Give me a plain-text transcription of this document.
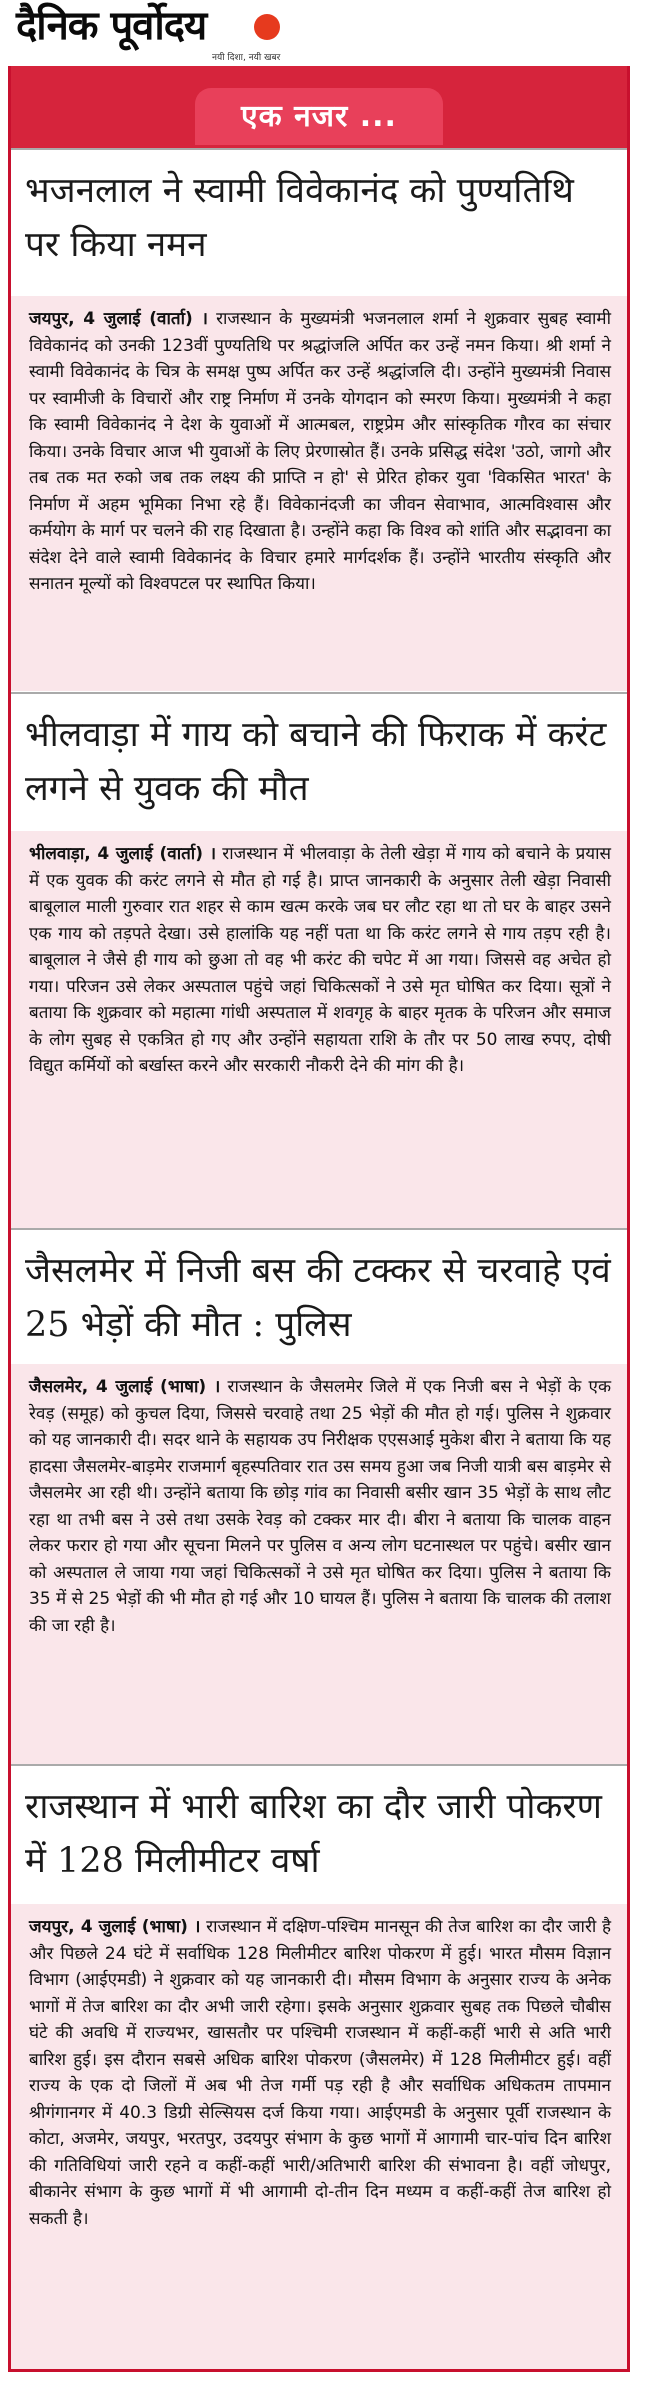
दैनिक पूर्वोदय
नयी दिशा, नयी खबर
एक नजर ...
भजनलाल ने स्वामी विवेकानंद को पुण्यतिथि पर किया नमन
जयपुर, 4 जुलाई (वार्ता) । राजस्थान के मुख्यमंत्री भजनलाल शर्मा ने शुक्रवार सुबह स्वामी विवेकानंद को उनकी 123वीं पुण्यतिथि पर श्रद्धांजलि अर्पित कर उन्हें नमन किया। श्री शर्मा ने स्वामी विवेकानंद के चित्र के समक्ष पुष्प अर्पित कर उन्हें श्रद्धांजलि दी। उन्होंने मुख्यमंत्री निवास पर स्वामीजी के विचारों और राष्ट्र निर्माण में उनके योगदान को स्मरण किया। मुख्यमंत्री ने कहा कि स्वामी विवेकानंद ने देश के युवाओं में आत्मबल, राष्ट्रप्रेम और सांस्कृतिक गौरव का संचार किया। उनके विचार आज भी युवाओं के लिए प्रेरणास्रोत हैं। उनके प्रसिद्ध संदेश 'उठो, जागो और तब तक मत रुको जब तक लक्ष्य की प्राप्ति न हो' से प्रेरित होकर युवा 'विकसित भारत' के निर्माण में अहम भूमिका निभा रहे हैं। विवेकानंदजी का जीवन सेवाभाव, आत्मविश्वास और कर्मयोग के मार्ग पर चलने की राह दिखाता है। उन्होंने कहा कि विश्व को शांति और सद्भावना का संदेश देने वाले स्वामी विवेकानंद के विचार हमारे मार्गदर्शक हैं। उन्होंने भारतीय संस्कृति और सनातन मूल्यों को विश्वपटल पर स्थापित किया।
भीलवाड़ा में गाय को बचाने की फिराक में करंट लगने से युवक की मौत
भीलवाड़ा, 4 जुलाई (वार्ता) । राजस्थान में भीलवाड़ा के तेली खेड़ा में गाय को बचाने के प्रयास में एक युवक की करंट लगने से मौत हो गई है। प्राप्त जानकारी के अनुसार तेली खेड़ा निवासी बाबूलाल माली गुरुवार रात शहर से काम खत्म करके जब घर लौट रहा था तो घर के बाहर उसने एक गाय को तड़पते देखा। उसे हालांकि यह नहीं पता था कि करंट लगने से गाय तड़प रही है। बाबूलाल ने जैसे ही गाय को छुआ तो वह भी करंट की चपेट में आ गया। जिससे वह अचेत हो गया। परिजन उसे लेकर अस्पताल पहुंचे जहां चिकित्सकों ने उसे मृत घोषित कर दिया। सूत्रों ने बताया कि शुक्रवार को महात्मा गांधी अस्पताल में शवगृह के बाहर मृतक के परिजन और समाज के लोग सुबह से एकत्रित हो गए और उन्होंने सहायता राशि के तौर पर 50 लाख रुपए, दोषी विद्युत कर्मियों को बर्खास्त करने और सरकारी नौकरी देने की मांग की है।
जैसलमेर में निजी बस की टक्कर से चरवाहे एवं 25 भेड़ों की मौत : पुलिस
जैसलमेर, 4 जुलाई (भाषा) । राजस्थान के जैसलमेर जिले में एक निजी बस ने भेड़ों के एक रेवड़ (समूह) को कुचल दिया, जिससे चरवाहे तथा 25 भेड़ों की मौत हो गई। पुलिस ने शुक्रवार को यह जानकारी दी। सदर थाने के सहायक उप निरीक्षक एएसआई मुकेश बीरा ने बताया कि यह हादसा जैसलमेर-बाड़मेर राजमार्ग बृहस्पतिवार रात उस समय हुआ जब निजी यात्री बस बाड़मेर से जैसलमेर आ रही थी। उन्होंने बताया कि छोड़ गांव का निवासी बसीर खान 35 भेड़ों के साथ लौट रहा था तभी बस ने उसे तथा उसके रेवड़ को टक्कर मार दी। बीरा ने बताया कि चालक वाहन लेकर फरार हो गया और सूचना मिलने पर पुलिस व अन्य लोग घटनास्थल पर पहुंचे। बसीर खान को अस्पताल ले जाया गया जहां चिकित्सकों ने उसे मृत घोषित कर दिया। पुलिस ने बताया कि 35 में से 25 भेड़ों की भी मौत हो गई और 10 घायल हैं। पुलिस ने बताया कि चालक की तलाश की जा रही है।
राजस्थान में भारी बारिश का दौर जारी पोकरण में 128 मिलीमीटर वर्षा
जयपुर, 4 जुलाई (भाषा) । राजस्थान में दक्षिण-पश्चिम मानसून की तेज बारिश का दौर जारी है और पिछले 24 घंटे में सर्वाधिक 128 मिलीमीटर बारिश पोकरण में हुई। भारत मौसम विज्ञान विभाग (आईएमडी) ने शुक्रवार को यह जानकारी दी। मौसम विभाग के अनुसार राज्य के अनेक भागों में तेज बारिश का दौर अभी जारी रहेगा। इसके अनुसार शुक्रवार सुबह तक पिछले चौबीस घंटे की अवधि में राज्यभर, खासतौर पर पश्चिमी राजस्थान में कहीं-कहीं भारी से अति भारी बारिश हुई। इस दौरान सबसे अधिक बारिश पोकरण (जैसलमेर) में 128 मिलीमीटर हुई। वहीं राज्य के एक दो जिलों में अब भी तेज गर्मी पड़ रही है और सर्वाधिक अधिकतम तापमान श्रीगंगानगर में 40.3 डिग्री सेल्सियस दर्ज किया गया। आईएमडी के अनुसार पूर्वी राजस्थान के कोटा, अजमेर, जयपुर, भरतपुर, उदयपुर संभाग के कुछ भागों में आगामी चार-पांच दिन बारिश की गतिविधियां जारी रहने व कहीं-कहीं भारी/अतिभारी बारिश की संभावना है। वहीं जोधपुर, बीकानेर संभाग के कुछ भागों में भी आगामी दो-तीन दिन मध्यम व कहीं-कहीं तेज बारिश हो सकती है।
